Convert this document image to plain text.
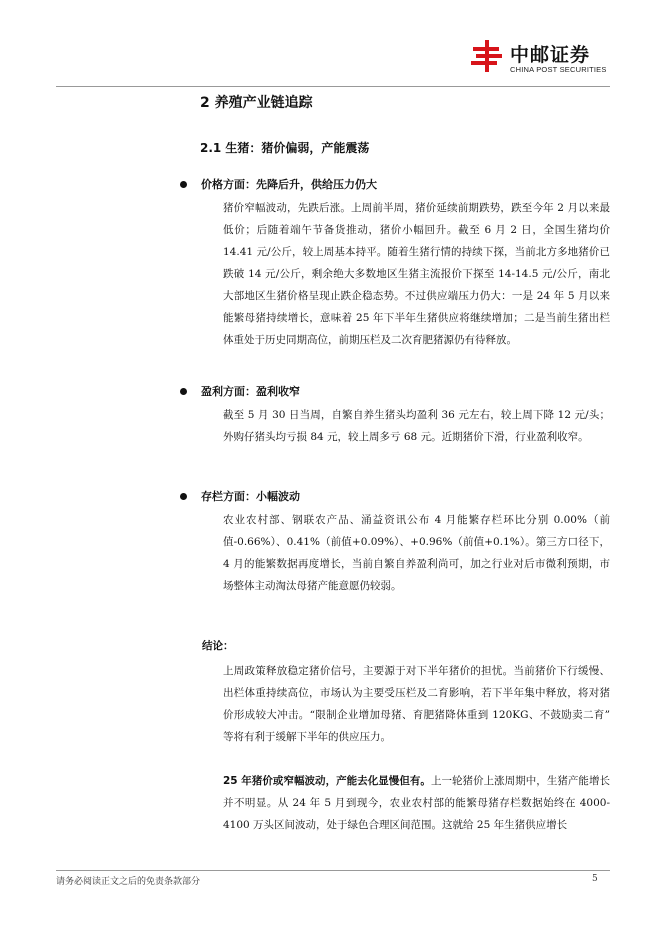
中邮证券
CHINA POST SECURITIES
2 养殖产业链追踪
2.1 生猪：猪价偏弱，产能震荡
价格方面：先降后升，供给压力仍大
猪价窄幅波动，先跌后涨。上周前半周，猪价延续前期跌势，跌至今年 2 月以来最低价；后随着端午节备货推动，猪价小幅回升。截至 6 月 2 日，全国生猪均价 14.41 元/公斤，较上周基本持平。随着生猪行情的持续下探，当前北方多地猪价已跌破 14 元/公斤，剩余绝大多数地区生猪主流报价下探至 14-14.5 元/公斤，南北大部地区生猪价格呈现止跌企稳态势。不过供应端压力仍大：一是 24 年 5 月以来能繁母猪持续增长，意味着 25 年下半年生猪供应将继续增加；二是当前生猪出栏体重处于历史同期高位，前期压栏及二次育肥猪源仍有待释放。
盈利方面：盈利收窄
截至 5 月 30 日当周，自繁自养生猪头均盈利 36 元左右，较上周下降 12 元/头；外购仔猪头均亏损 84 元，较上周多亏 68 元。近期猪价下滑，行业盈利收窄。
存栏方面：小幅波动
农业农村部、钢联农产品、涌益资讯公布 4 月能繁存栏环比分别 0.00%（前值-0.66%）、0.41%（前值+0.09%）、+0.96%（前值+0.1%）。第三方口径下，4 月的能繁数据再度增长，当前自繁自养盈利尚可，加之行业对后市微利预期，市场整体主动淘汰母猪产能意愿仍较弱。
结论：
上周政策释放稳定猪价信号，主要源于对下半年猪价的担忧。当前猪价下行缓慢、出栏体重持续高位，市场认为主要受压栏及二育影响，若下半年集中释放，将对猪价形成较大冲击。“限制企业增加母猪、育肥猪降体重到 120KG、不鼓励卖二育” 等将有利于缓解下半年的供应压力。
25 年猪价或窄幅波动，产能去化显慢但有。上一轮猪价上涨周期中，生猪产能增长并不明显。从 24 年 5 月到现今，农业农村部的能繁母猪存栏数据始终在 4000-4100 万头区间波动，处于绿色合理区间范围。这就给 25 年生猪供应增长
请务必阅读正文之后的免责条款部分	5
